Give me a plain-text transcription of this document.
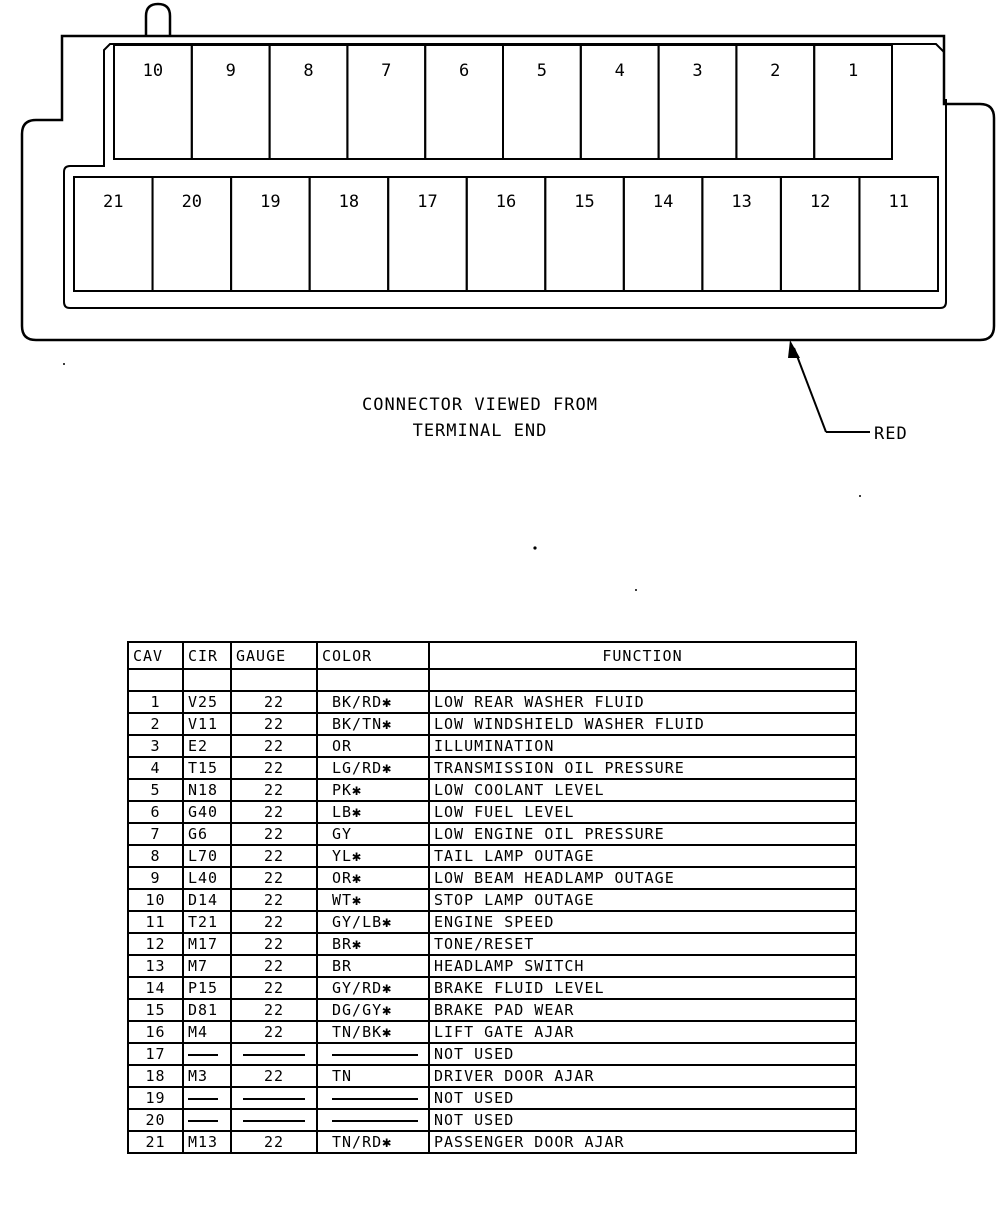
10	9	8	7	6	5	4	3	2	1
21	20	19	18	17	16	15	14	13	12	11
CONNECTOR VIEWED FROM
TERMINAL END	RED
CAV	CIR	GAUGE	COLOR	FUNCTION

1	V25	22	BK/RD✱	LOW REAR WASHER FLUID
2	V11	22	BK/TN✱	LOW WINDSHIELD WASHER FLUID
3	E2	22	OR	ILLUMINATION
4	T15	22	LG/RD✱	TRANSMISSION OIL PRESSURE
5	N18	22	PK✱	LOW COOLANT LEVEL
6	G40	22	LB✱	LOW FUEL LEVEL
7	G6	22	GY	LOW ENGINE OIL PRESSURE
8	L70	22	YL✱	TAIL LAMP OUTAGE
9	L40	22	OR✱	LOW BEAM HEADLAMP OUTAGE
10	D14	22	WT✱	STOP LAMP OUTAGE
11	T21	22	GY/LB✱	ENGINE SPEED
12	M17	22	BR✱	TONE/RESET
13	M7	22	BR	HEADLAMP SWITCH
14	P15	22	GY/RD✱	BRAKE FLUID LEVEL
15	D81	22	DG/GY✱	BRAKE PAD WEAR
16	M4	22	TN/BK✱	LIFT GATE AJAR
17				NOT USED
18	M3	22	TN	DRIVER DOOR AJAR
19				NOT USED
20				NOT USED
21	M13	22	TN/RD✱	PASSENGER DOOR AJAR
